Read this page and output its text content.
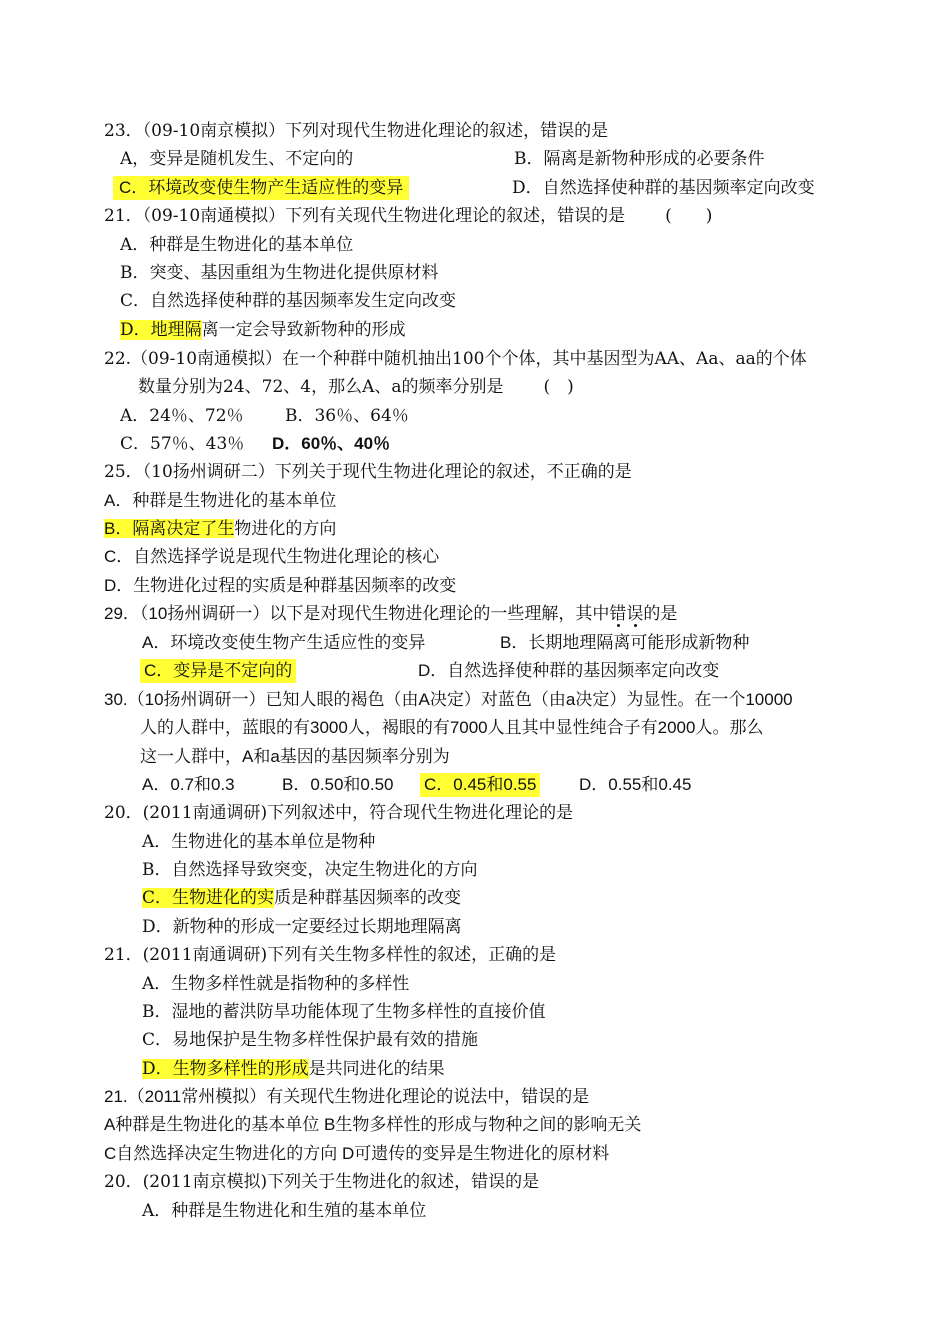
23．（09-10南京模拟）下列对现代生物进化理论的叙述，错误的是
A，变异是随机发生、不定向的	B．隔离是新物种形成的必要条件
C．环境改变使生物产生适应性的变异	D．自然选择使种群的基因频率定向改变
21．（09-10南通模拟）下列有关现代生物进化理论的叙述，错误的是 (　　)
A．种群是生物进化的基本单位
B．突变、基因重组为生物进化提供原材料
C．自然选择使种群的基因频率发生定向改变
D．地理隔离一定会导致新物种的形成
22.（09-10南通模拟）在一个种群中随机抽出100个个体，其中基因型为AA、Aa、aa的个体
数量分别为24、72、4，那么A、a的频率分别是 (　)
A．24％、72％ B．36％、64％
C．57％、43％ D．60％、40％
25．（10扬州调研二）下列关于现代生物进化理论的叙述，不正确的是
A．种群是生物进化的基本单位
B．隔离决定了生物进化的方向
C．自然选择学说是现代生物进化理论的核心
D．生物进化过程的实质是种群基因频率的改变
29．（10扬州调研一）以下是对现代生物进化理论的一些理解，其中错误的是
A．环境改变使生物产生适应性的变异	B．长期地理隔离可能形成新物种
C．变异是不定向的	D．自然选择使种群的基因频率定向改变
30.（10扬州调研一）已知人眼的褐色（由A决定）对蓝色（由a决定）为显性。在一个10000
人的人群中，蓝眼的有3000人，褐眼的有7000人且其中显性纯合子有2000人。那么
这一人群中，A和a基因的基因频率分别为
A．0.7和0.3	B．0.50和0.50 C．0.45和0.55	D．0.55和0.45
20．(2011南通调研)下列叙述中，符合现代生物进化理论的是
A．生物进化的基本单位是物种
B．自然选择导致突变，决定生物进化的方向
C．生物进化的实质是种群基因频率的改变
D．新物种的形成一定要经过长期地理隔离
21．(2011南通调研)下列有关生物多样性的叙述，正确的是
A．生物多样性就是指物种的多样性
B．湿地的蓄洪防旱功能体现了生物多样性的直接价值
C．易地保护是生物多样性保护最有效的措施
D．生物多样性的形成是共同进化的结果
21.（2011常州模拟）有关现代生物进化理论的说法中，错误的是
A种群是生物进化的基本单位 B生物多样性的形成与物种之间的影响无关
C自然选择决定生物进化的方向 D可遗传的变异是生物进化的原材料
20．(2011南京模拟)下列关于生物进化的叙述，错误的是
A．种群是生物进化和生殖的基本单位
